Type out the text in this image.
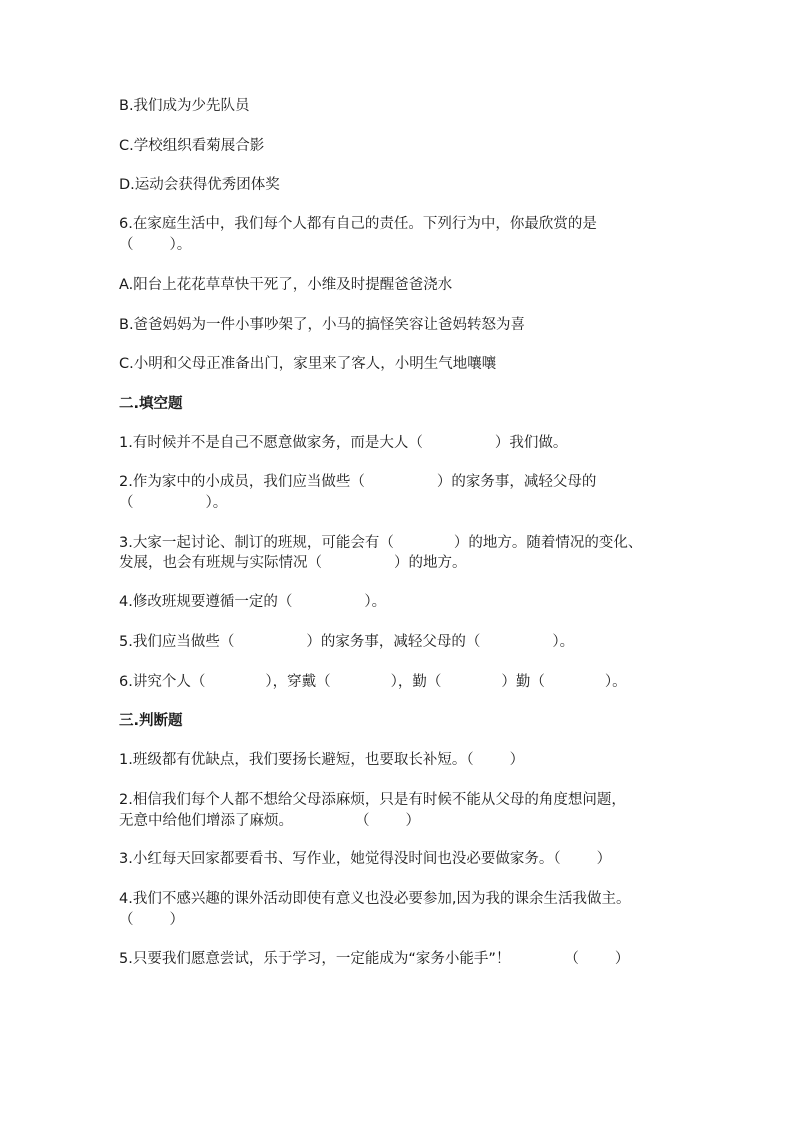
B.我们成为少先队员
C.学校组织看菊展合影
D.运动会获得优秀团体奖
6.在家庭生活中，我们每个人都有自己的责任。下列行为中，你最欣赏的是
（ ）。
A.阳台上花花草草快干死了，小维及时提醒爸爸浇水
B.爸爸妈妈为一件小事吵架了，小马的搞怪笑容让爸妈转怒为喜
C.小明和父母正准备出门，家里来了客人，小明生气地嚷嚷
二.填空题
1.有时候并不是自己不愿意做家务，而是大人（	）我们做。
2.作为家中的小成员，我们应当做些（	）的家务事，减轻父母的
（	）。
3.大家一起讨论、制订的班规，可能会有（	）的地方。随着情况的变化、
发展，也会有班规与实际情况（	）的地方。
4.修改班规要遵循一定的（	）。
5.我们应当做些（	）的家务事，减轻父母的（	）。
6.讲究个人（	），穿戴（	），勤（	）勤（	）。
三.判断题
1.班级都有优缺点，我们要扬长避短，也要取长补短。（ ）
2.相信我们每个人都不想给父母添麻烦，只是有时候不能从父母的角度想问题，
无意中给他们增添了麻烦。	（ ）
3.小红每天回家都要看书、写作业，她觉得没时间也没必要做家务。（ ）
4.我们不感兴趣的课外活动即使有意义也没必要参加,因为我的课余生活我做主。
（ ）
5.只要我们愿意尝试，乐于学习，一定能成为“家务小能手”！	（ ）
